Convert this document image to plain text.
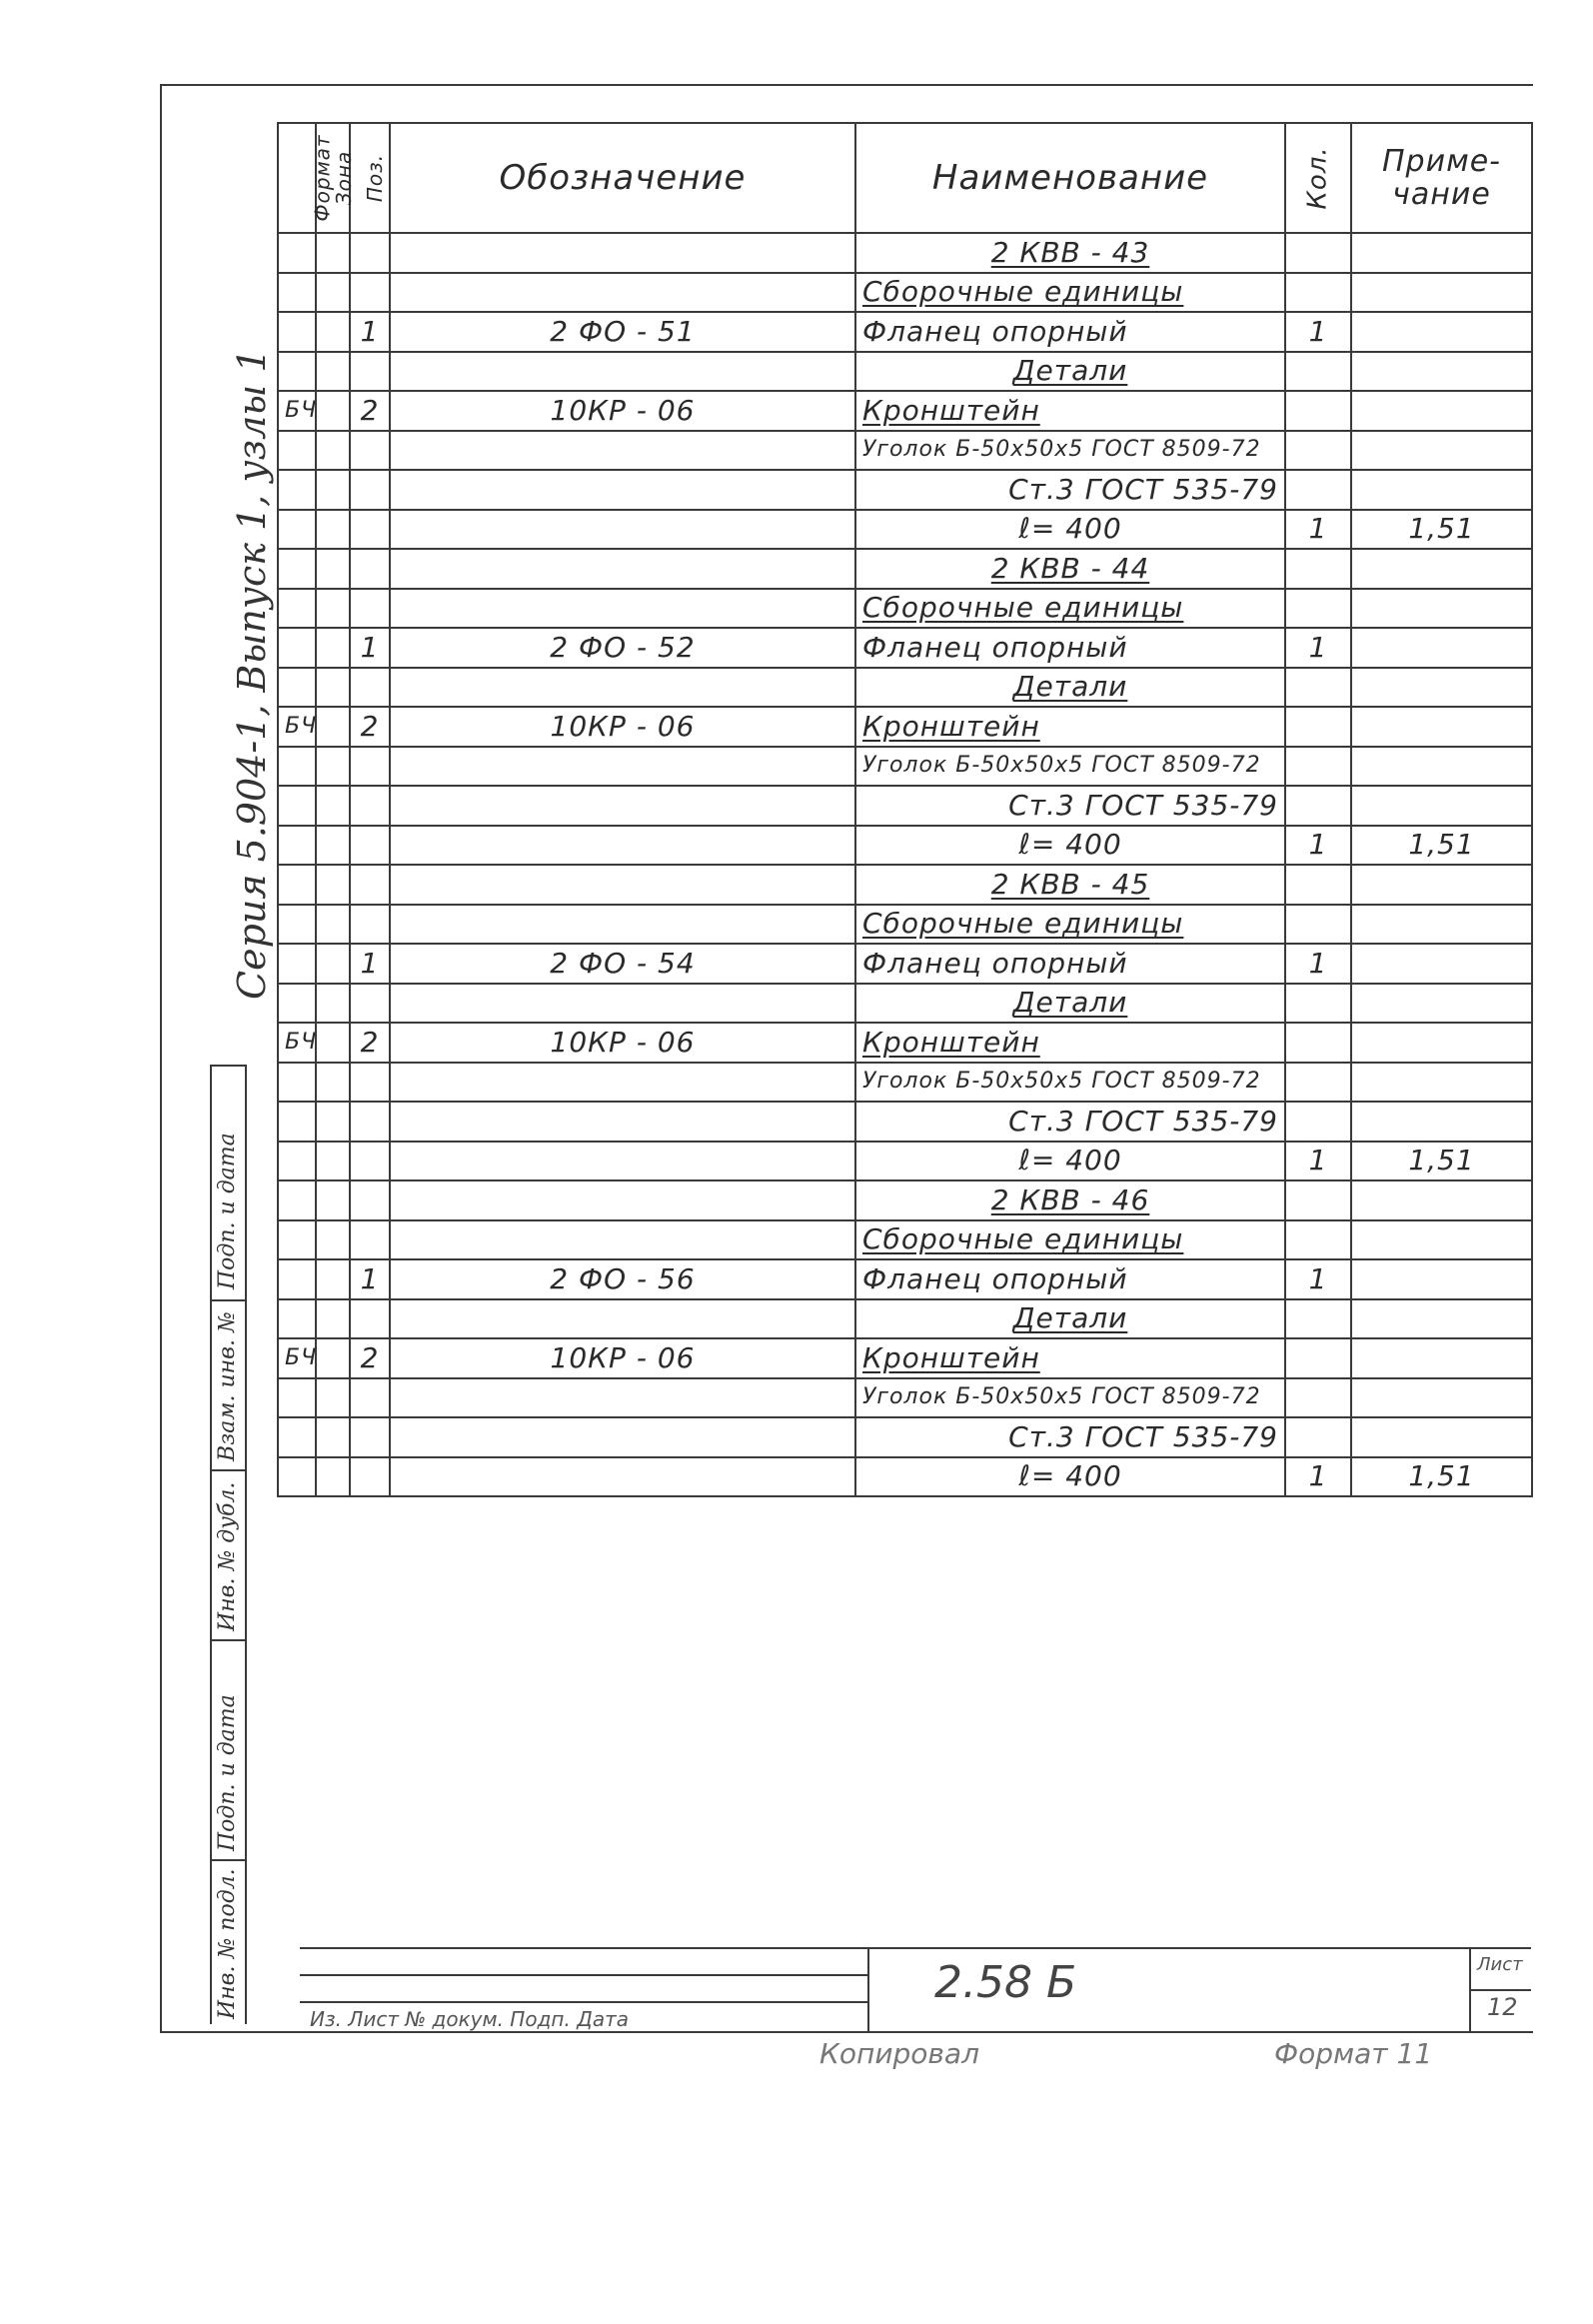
Серия 5.904-1, Выпуск 1, узлы 1
Подп. и дата
Взам. инв. №
Инв. № дубл.
Подп. и дата
Инв. № подл.
Формат	Зона	Поз.	Обозначение	Наименование	Кол.	Приме- чание
				2 КВВ - 43		
				Сборочные единицы		
		1	2 ФО - 51	Фланец опорный	1	
				Детали		
БЧ		2	10КР - 06	Кронштейн		
				Уголок Б-50х50х5 ГОСТ 8509-72		
				Ст.3 ГОСТ 535-79		
				ℓ= 400	1	1,51
				2 КВВ - 44		
				Сборочные единицы		
		1	2 ФО - 52	Фланец опорный	1	
				Детали		
БЧ		2	10КР - 06	Кронштейн		
				Уголок Б-50х50х5 ГОСТ 8509-72		
				Ст.3 ГОСТ 535-79		
				ℓ= 400	1	1,51
				2 КВВ - 45		
				Сборочные единицы		
		1	2 ФО - 54	Фланец опорный	1	
				Детали		
БЧ		2	10КР - 06	Кронштейн		
				Уголок Б-50х50х5 ГОСТ 8509-72		
				Ст.3 ГОСТ 535-79		
				ℓ= 400	1	1,51
				2 КВВ - 46		
				Сборочные единицы		
		1	2 ФО - 56	Фланец опорный	1	
				Детали		
БЧ		2	10КР - 06	Кронштейн		
				Уголок Б-50х50х5 ГОСТ 8509-72		
				Ст.3 ГОСТ 535-79		
				ℓ= 400	1	1,51
Из. Лист № докум. Подп. Дата
2.58 Б	Лист
12
Копировал	Формат 11
